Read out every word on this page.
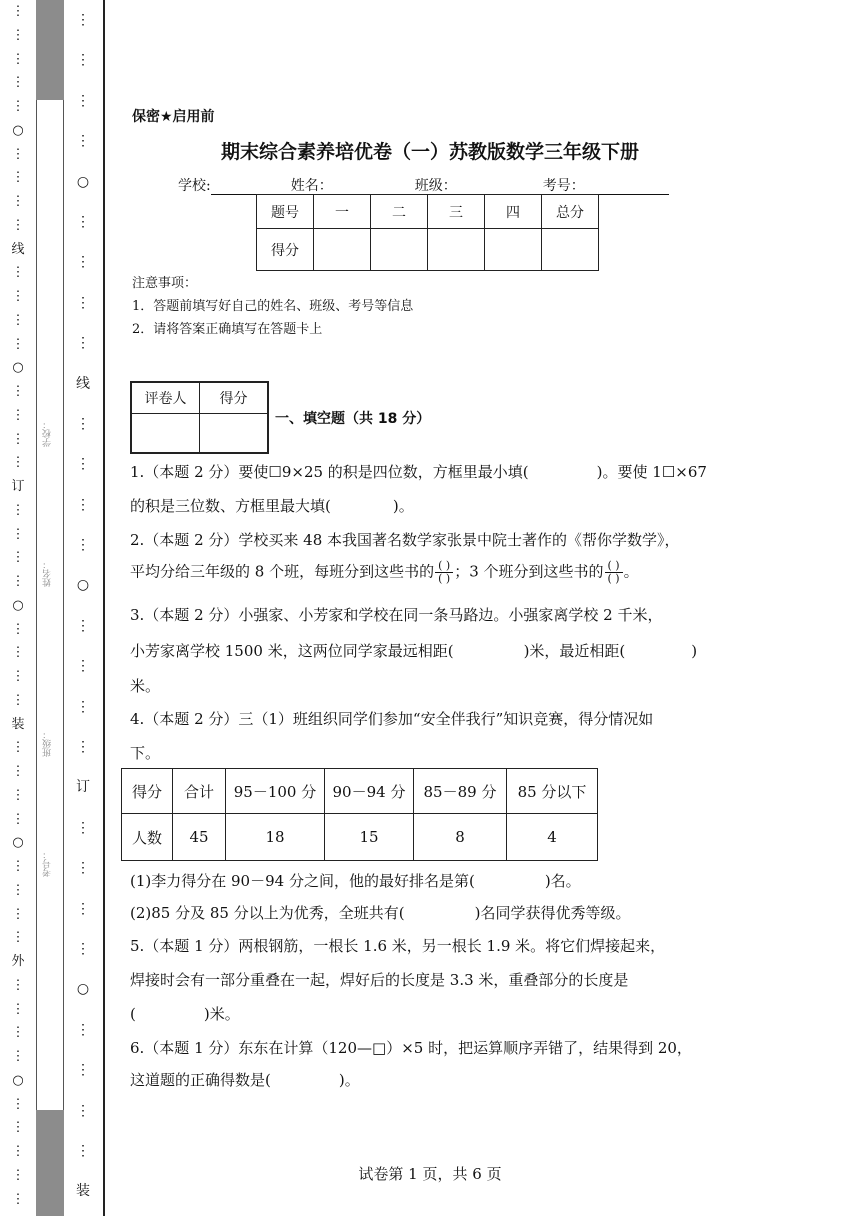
⋮
⋮
⋮
⋮
⋮
○
⋮
⋮
⋮
⋮
线
⋮
⋮
⋮
⋮
○
⋮
⋮
⋮
⋮
订
⋮
⋮
⋮
⋮
○
⋮
⋮
⋮
⋮
装
⋮
⋮
⋮
⋮
○
⋮
⋮
⋮
⋮
外
⋮
⋮
⋮
⋮
○
⋮
⋮
⋮
⋮
⋮
⋮
⋮
⋮
⋮
○
⋮
⋮
⋮
⋮
线
⋮
⋮
⋮
⋮
○
⋮
⋮
⋮
⋮
订
⋮
⋮
⋮
⋮
○
⋮
⋮
⋮
⋮
装
学校：
姓名：
班级：
考号：
保密★启用前
期末综合素养培优卷（一）苏教版数学三年级下册
学校:	姓名：	班级：	考号：
题号	一	二	三	四	总分
得分					
注意事项：
1．答题前填写好自己的姓名、班级、考号等信息
2．请将答案正确填写在答题卡上
评卷人	得分

一、填空题（共 18 分）
1.（本题 2 分）要使☐9×25 的积是四位数，方框里最小填(	)。要使 1☐×67
的积是三位数、方框里最大填(	)。
2.（本题 2 分）学校买来 48 本我国著名数学家张景中院士著作的《帮你学数学》，
平均分给三年级的 8 个班，每班分到这些书的 $\frac{( )}{( )}$ ；3 个班分到这些书的 $\frac{( )}{( )}$ 。
3.（本题 2 分）小强家、小芳家和学校在同一条马路边。小强家离学校 2 千米，
小芳家离学校 1500 米，这两位同学家最远相距(	)米，最近相距(	)
米。
4.（本题 2 分）三（1）班组织同学们参加“安全伴我行”知识竞赛，得分情况如
下。
得分	合计	95－100 分	90－94 分	85－89 分	85 分以下
人数	45	18	15	8	4
(1)李力得分在 90－94 分之间，他的最好排名是第(	)名。
(2)85 分及 85 分以上为优秀，全班共有(	)名同学获得优秀等级。
5.（本题 1 分）两根钢筋，一根长 1.6 米，另一根长 1.9 米。将它们焊接起来，
焊接时会有一部分重叠在一起，焊好后的长度是 3.3 米，重叠部分的长度是
(	)米。
6.（本题 1 分）东东在计算（120—□）×5 时，把运算顺序弄错了，结果得到 20，
这道题的正确得数是(	)。
试卷第 1 页，共 6 页
